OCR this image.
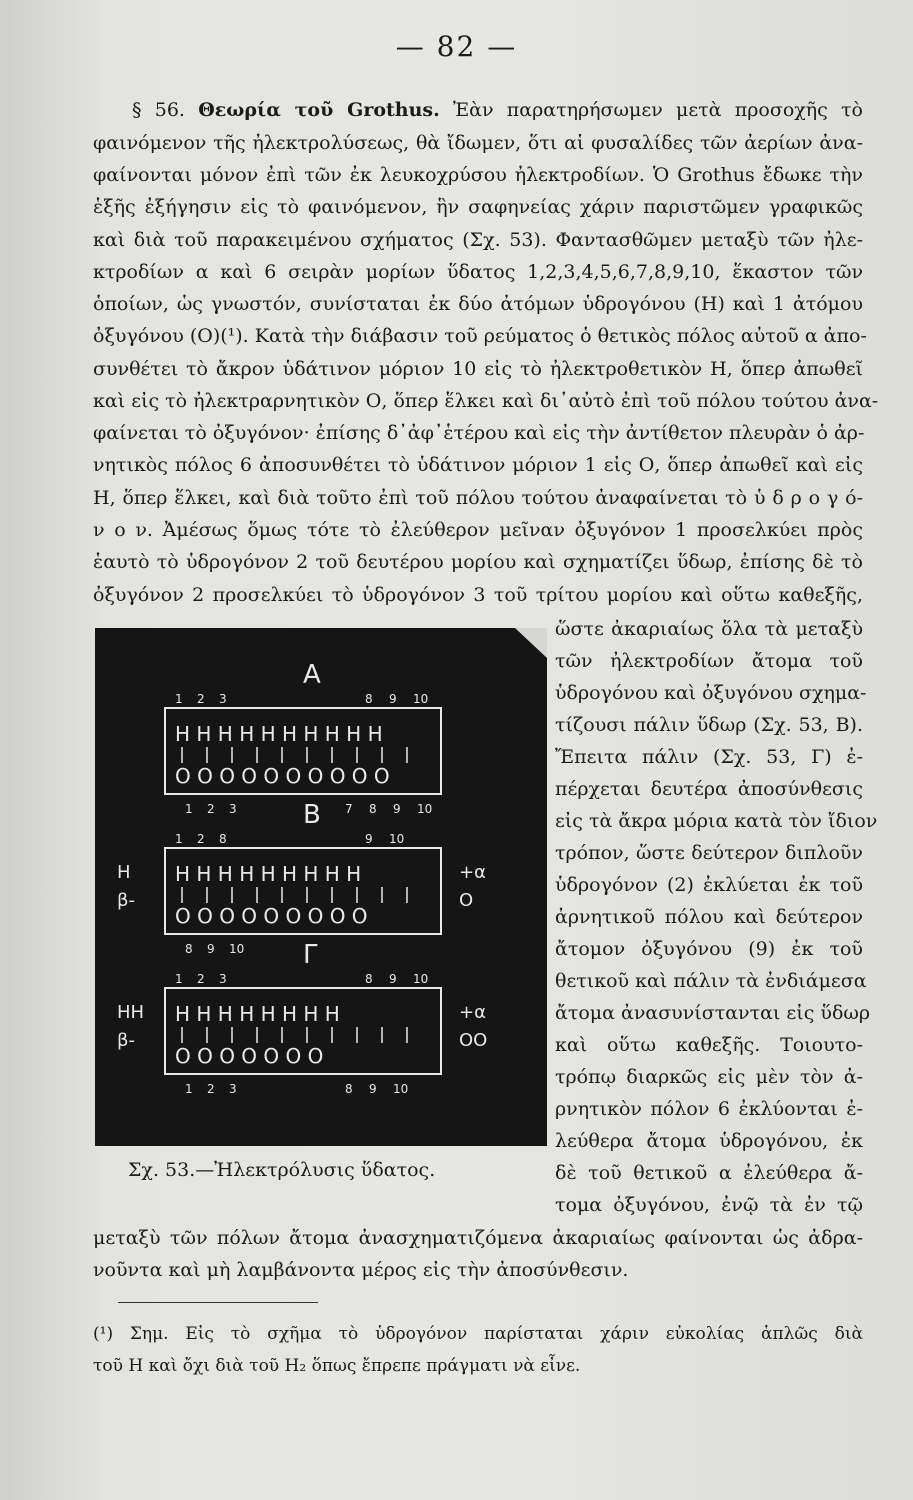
— 82 —
§ 56. Θεωρία τοῦ Grothus. Ἐὰν παρατηρήσωμεν μετὰ προσοχῆς τὸ
φαινόμενον τῆς ἠλεκτρολύσεως, θὰ ἴδωμεν, ὅτι αἱ φυσαλίδες τῶν ἀερίων ἀνα-
φαίνονται μόνον ἐπὶ τῶν ἐκ λευκοχρύσου ἠλεκτροδίων. Ὁ Grothus ἔδωκε τὴν
ἑξῆς ἐξήγησιν εἰς τὸ φαινόμενον, ἣν σαφηνείας χάριν παριστῶμεν γραφικῶς
καὶ διὰ τοῦ παρακειμένου σχήματος (Σχ. 53). Φαντασθῶμεν μεταξὺ τῶν ἠλε-
κτροδίων α καὶ 6 σειρὰν μορίων ὕδατος 1,2,3,4,5,6,7,8,9,10, ἕκαστον τῶν
ὁποίων, ὡς γνωστόν, συνίσταται ἐκ δύο ἀτόμων ὑδρογόνου (Η) καὶ 1 ἀτόμου
ὀξυγόνου (Ο)(¹). Κατὰ τὴν διάβασιν τοῦ ρεύματος ὁ θετικὸς πόλος αὐτοῦ α ἀπο-
συνθέτει τὸ ἄκρον ὑδάτινον μόριον 10 εἰς τὸ ἠλεκτροθετικὸν Η, ὅπερ ἀπωθεῖ
καὶ εἰς τὸ ἠλεκτραρνητικὸν Ο, ὅπερ ἕλκει καὶ δι᾽αὐτὸ ἐπὶ τοῦ πόλου τούτου ἀνα-
φαίνεται τὸ ὀξυγόνον· ἐπίσης δ᾽ἀφ᾽ἑτέρου καὶ εἰς τὴν ἀντίθετον πλευρὰν ὁ ἀρ-
νητικὸς πόλος 6 ἀποσυνθέτει τὸ ὑδάτινον μόριον 1 εἰς Ο, ὅπερ ἀπωθεῖ καὶ εἰς
Η, ὅπερ ἕλκει, καὶ διὰ τοῦτο ἐπὶ τοῦ πόλου τούτου ἀναφαίνεται τὸ ὑ δ ρ ο γ ό-
ν ο ν. Ἀμέσως ὅμως τότε τὸ ἐλεύθερον μεῖναν ὀξυγόνον 1 προσελκύει πρὸς
ἑαυτὸ τὸ ὑδρογόνον 2 τοῦ δευτέρου μορίου καὶ σχηματίζει ὕδωρ, ἐπίσης δὲ τὸ
ὀξυγόνον 2 προσελκύει τὸ ὑδρογόνον 3 τοῦ τρίτου μορίου καὶ οὕτω καθεξῆς,
ὥστε ἀκαριαίως ὅλα τὰ μεταξὺ
τῶν ἠλεκτροδίων ἄτομα τοῦ
ὑδρογόνου καὶ ὀξυγόνου σχημα-
τίζουσι πάλιν ὕδωρ (Σχ. 53, Β).
Ἔπειτα πάλιν (Σχ. 53, Γ) ἐ-
πέρχεται δευτέρα ἀποσύνθεσις
εἰς τὰ ἄκρα μόρια κατὰ τὸν ἴδιον
τρόπον, ὥστε δεύτερον διπλοῦν
ὑδρογόνον (2) ἐκλύεται ἐκ τοῦ
ἀρνητικοῦ πόλου καὶ δεύτερον
ἄτομον ὀξυγόνου (9) ἐκ τοῦ
θετικοῦ καὶ πάλιν τὰ ἐνδιάμεσα
ἄτομα ἀνασυνίστανται εἰς ὕδωρ
καὶ οὕτω καθεξῆς. Τοιουτο-
τρόπῳ διαρκῶς εἰς μὲν τὸν ἀ-
ρνητικὸν πόλον 6 ἐκλύονται ἐ-
λεύθερα ἄτομα ὑδρογόνου, ἐκ
δὲ τοῦ θετικοῦ α ἐλεύθερα ἄ-
τομα ὀξυγόνου, ἐνῷ τὰ ἐν τῷ
μεταξὺ τῶν πόλων ἄτομα ἀνασχηματιζόμενα ἀκαριαίως φαίνονται ὡς ἀδρα-
νοῦντα καὶ μὴ λαμβάνοντα μέρος εἰς τὴν ἀποσύνθεσιν.
Α
1 2 3	8 9 10
Η Η Η Η Η Η Η Η Η Η
Ο Ο Ο Ο Ο Ο Ο Ο Ο Ο
1 2 3	7 8 9 10
Β
1 2 8	9 10
Η Η Η Η Η Η Η Η Η
Ο Ο Ο Ο Ο Ο Ο Ο Ο
8 9 10
Η
β-
+α
Ο
Γ
1 2 3	8 9 10
Η Η Η Η Η Η Η Η
Ο Ο Ο Ο Ο Ο Ο
1 2 3	8 9 10
ΗΗ
β-
+α
ΟΟ
Σχ. 53.—Ἠλεκτρόλυσις ὕδατος.
(¹) Σημ. Εἰς τὸ σχῆμα τὸ ὑδρογόνον παρίσταται χάριν εὐκολίας ἁπλῶς διὰ
τοῦ Η καὶ ὄχι διὰ τοῦ Η₂ ὅπως ἔπρεπε πράγματι νὰ εἶνε.
